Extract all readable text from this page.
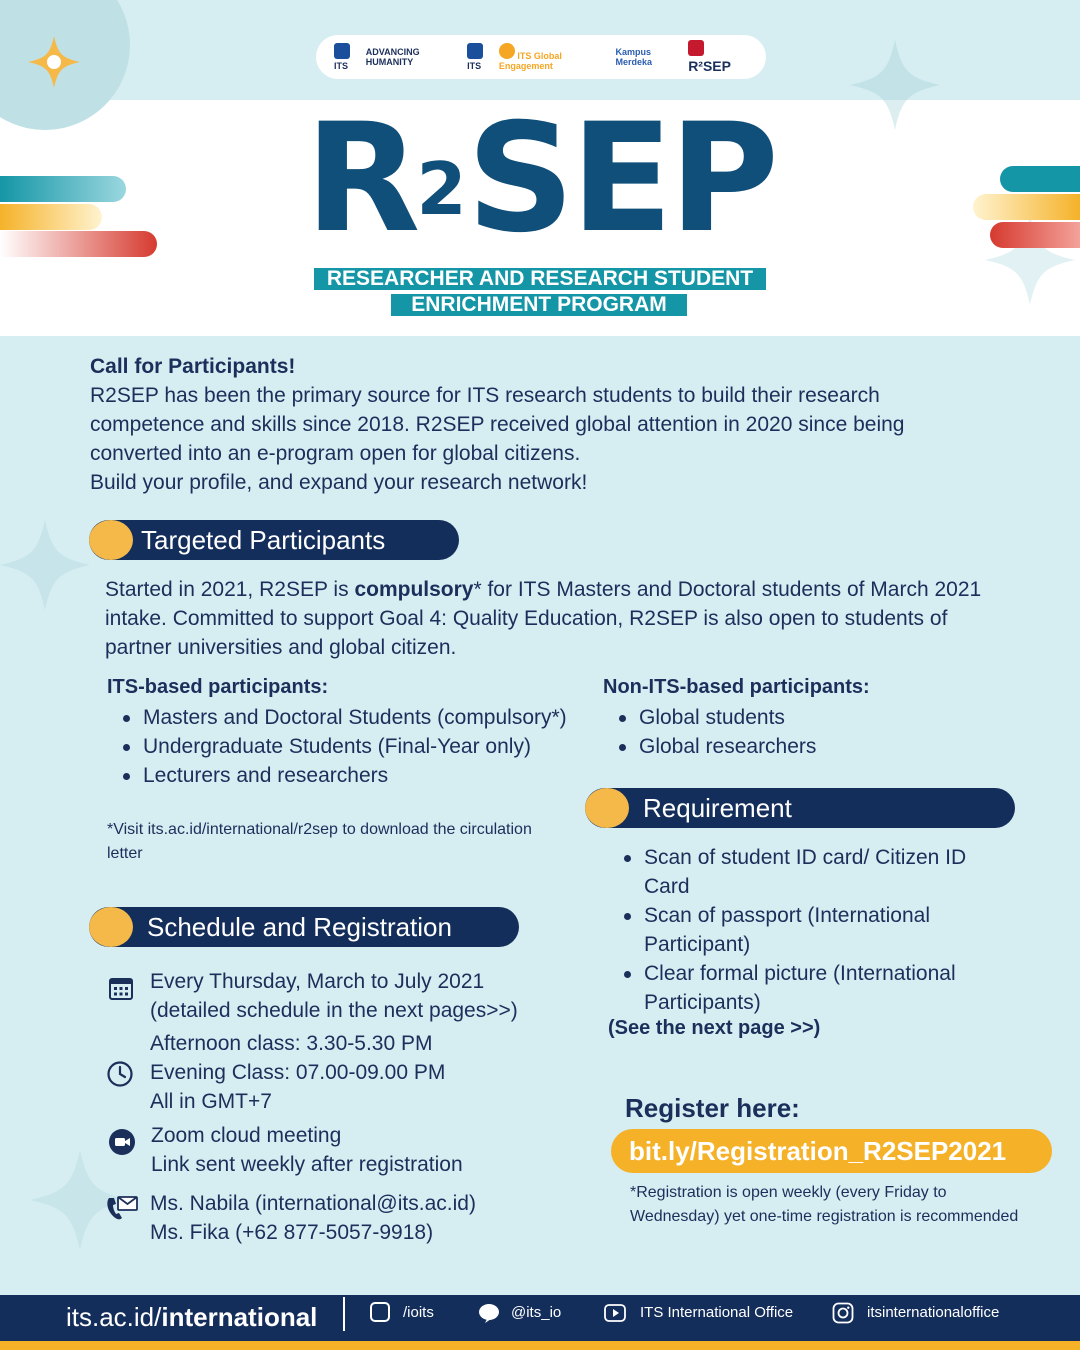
ITS
ADVANCING HUMANITY	ITS
ITS Global Engagement
Kampus Merdeka	R²SEP
$R^2SEP$
RESEARCHER AND RESEARCH STUDENT
ENRICHMENT PROGRAM
Call for Participants!
R2SEP has been the primary source for ITS research students to build their research competence and skills since 2018. R2SEP received global attention in 2020 since being converted into an e-program open for global citizens.
Build your profile, and expand your research network!
Targeted Participants
Started in 2021, R2SEP is compulsory* for ITS Masters and Doctoral students of March 2021 intake. Committed to support Goal 4: Quality Education, R2SEP is also open to students of partner universities and global citizen.
ITS-based participants:
Masters and Doctoral Students (compulsory*)
Undergraduate Students (Final-Year only)
Lecturers and researchers
*Visit its.ac.id/international/r2sep to download the circulation letter
Non-ITS-based participants:
Global students
Global researchers
Requirement
Scan of student ID card/ Citizen ID Card
Scan of passport (International Participant)
Clear formal picture (International Participants)
(See the next page >>)
Schedule and Registration
Every Thursday, March to July 2021
(detailed schedule in the next pages>>)
Afternoon class: 3.30-5.30 PM
Evening Class: 07.00-09.00 PM
All in GMT+7
Zoom cloud meeting
Link sent weekly after registration
Ms. Nabila (international@its.ac.id)
Ms. Fika (+62 877-5057-9918)
Register here:
bit.ly/Registration_R2SEP2021
*Registration is open weekly (every Friday to Wednesday) yet one-time registration is recommended
its.ac.id/international	/ioits	@its_io	ITS International Office	itsinternationaloffice
